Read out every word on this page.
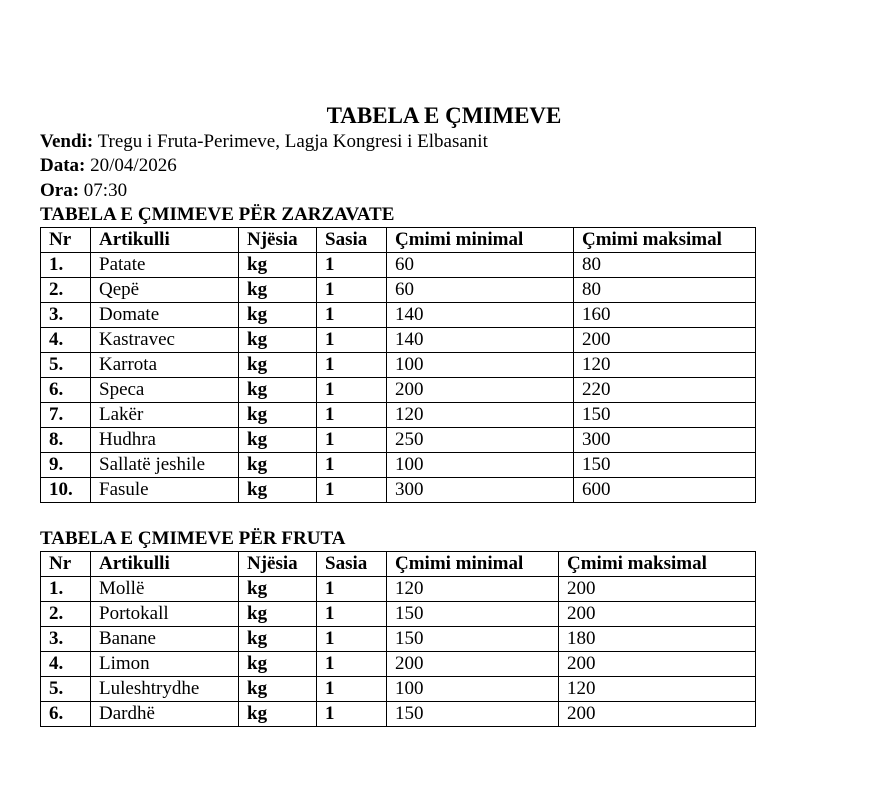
TABELA E ÇMIMEVE
Vendi: Tregu i Fruta-Perimeve, Lagja Kongresi i Elbasanit
Data: 20/04/2026
Ora: 07:30
TABELA E ÇMIMEVE PËR ZARZAVATE
Nr	Artikulli	Njësia	Sasia	Çmimi minimal	Çmimi maksimal
1.	Patate	kg	1	60	80
2.	Qepë	kg	1	60	80
3.	Domate	kg	1	140	160
4.	Kastravec	kg	1	140	200
5.	Karrota	kg	1	100	120
6.	Speca	kg	1	200	220
7.	Lakër	kg	1	120	150
8.	Hudhra	kg	1	250	300
9.	Sallatë jeshile	kg	1	100	150
10.	Fasule	kg	1	300	600
TABELA E ÇMIMEVE PËR FRUTA
Nr	Artikulli	Njësia	Sasia	Çmimi minimal	Çmimi maksimal
1.	Mollë	kg	1	120	200
2.	Portokall	kg	1	150	200
3.	Banane	kg	1	150	180
4.	Limon	kg	1	200	200
5.	Luleshtrydhe	kg	1	100	120
6.	Dardhë	kg	1	150	200
